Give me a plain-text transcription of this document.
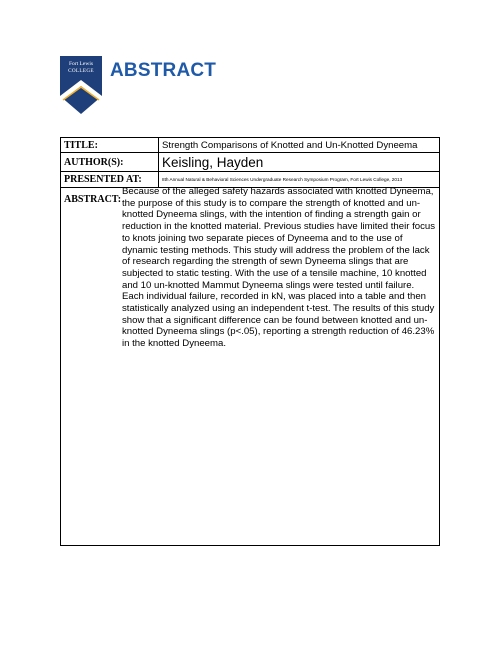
Fort Lewis
COLLEGE ABSTRACT
TITLE:	Strength Comparisons of Knotted and Un-Knotted Dyneema
AUTHOR(S):	Keisling, Hayden
PRESENTED AT:	8th Annual Natural & Behavioral Sciences Undergraduate Research Symposium Program, Fort Lewis College, 2013
ABSTRACT:

Because of the alleged safety hazards associated with knotted Dyneema, the purpose of this study is to compare the strength of knotted and un-knotted Dyneema slings, with the intention of finding a strength gain or reduction in the knotted material. Previous studies have limited their focus to knots joining two separate pieces of Dyneema and to the use of dynamic testing methods. This study will address the problem of the lack of research regarding the strength of sewn Dyneema slings that are subjected to static testing. With the use of a tensile machine, 10 knotted and 10 un-knotted Mammut Dyneema slings were tested until failure. Each individual failure, recorded in kN, was placed into a table and then statistically analyzed using an independent t-test. The results of this study show that a significant difference can be found between knotted and un-knotted Dyneema slings (p<.05), reporting a strength reduction of 46.23% in the knotted Dyneema.
